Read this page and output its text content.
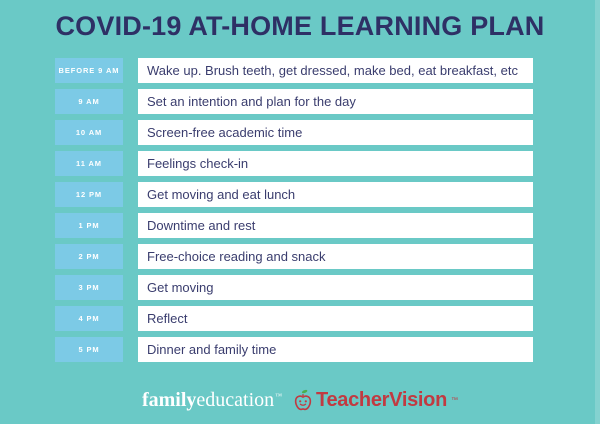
COVID-19 AT-HOME LEARNING PLAN
BEFORE 9 AM	Wake up. Brush teeth, get dressed, make bed, eat breakfast, etc
9 AM	Set an intention and plan for the day
10 AM	Screen-free academic time
11 AM	Feelings check-in
12 PM	Get moving and eat lunch
1 PM	Downtime and rest
2 PM	Free-choice reading and snack
3 PM	Get moving
4 PM	Reflect
5 PM	Dinner and family time
familyeducation™ TeacherVision ™
